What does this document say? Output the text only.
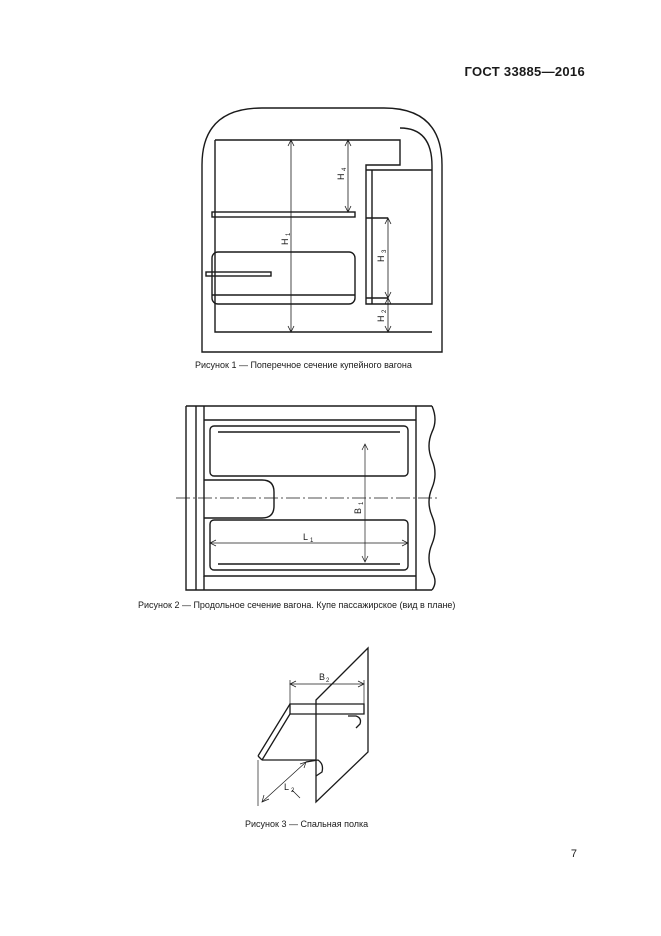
ГОСТ 33885—2016
H
1
H
4
H
3
H
2
Рисунок 1 — Поперечное сечение купейного вагона
B
1
L 1
Рисунок 2 — Продольное сечение вагона. Купе пассажирское (вид в плане)
B 2
L 2
Рисунок 3 — Спальная полка
7
